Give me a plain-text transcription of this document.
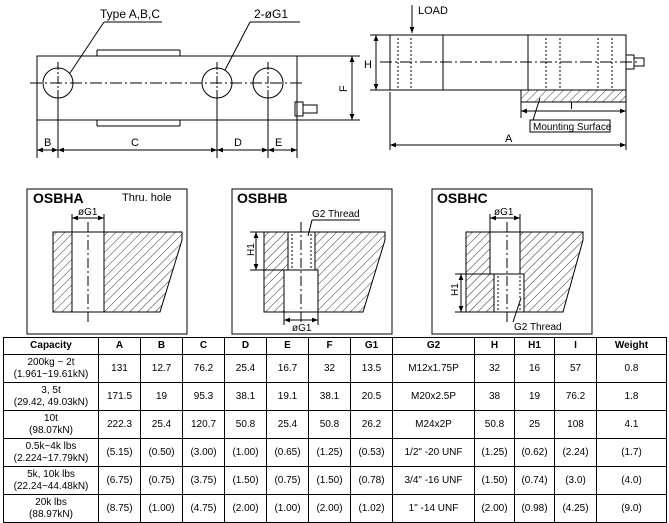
Type A,B,C	2-øG1
B	C	D	E
F
LOAD
H
I
Mounting Surface
A
OSBHA	Thru. hole
øG1
OSBHB
G2 Thread
H1
øG1
OSBHC
øG1
H1
G2 Thread
Capacity	A	B	C	D	E	F	G1	G2	H	H1	I	Weight
200kg ~ 2t
(1.961~19.61kN)	131	12.7	76.2	25.4	16.7	32	13.5	M12x1.75P	32	16	57	0.8
3, 5t
(29.42, 49.03kN)	171.5	19	95.3	38.1	19.1	38.1	20.5	M20x2.5P	38	19	76.2	1.8
10t
(98.07kN)	222.3	25.4	120.7	50.8	25.4	50.8	26.2	M24x2P	50.8	25	108	4.1
0.5k~4k lbs
(2.224~17.79kN)	(5.15)	(0.50)	(3.00)	(1.00)	(0.65)	(1.25)	(0.53)	1/2" -20 UNF	(1.25)	(0.62)	(2.24)	(1.7)
5k, 10k lbs
(22.24~44.48kN)	(6.75)	(0.75)	(3.75)	(1.50)	(0.75)	(1.50)	(0.78)	3/4" -16 UNF	(1.50)	(0.74)	(3.0)	(4.0)
20k lbs
(88.97kN)	(8.75)	(1.00)	(4.75)	(2.00)	(1.00)	(2.00)	(1.02)	1" -14 UNF	(2.00)	(0.98)	(4.25)	(9.0)
